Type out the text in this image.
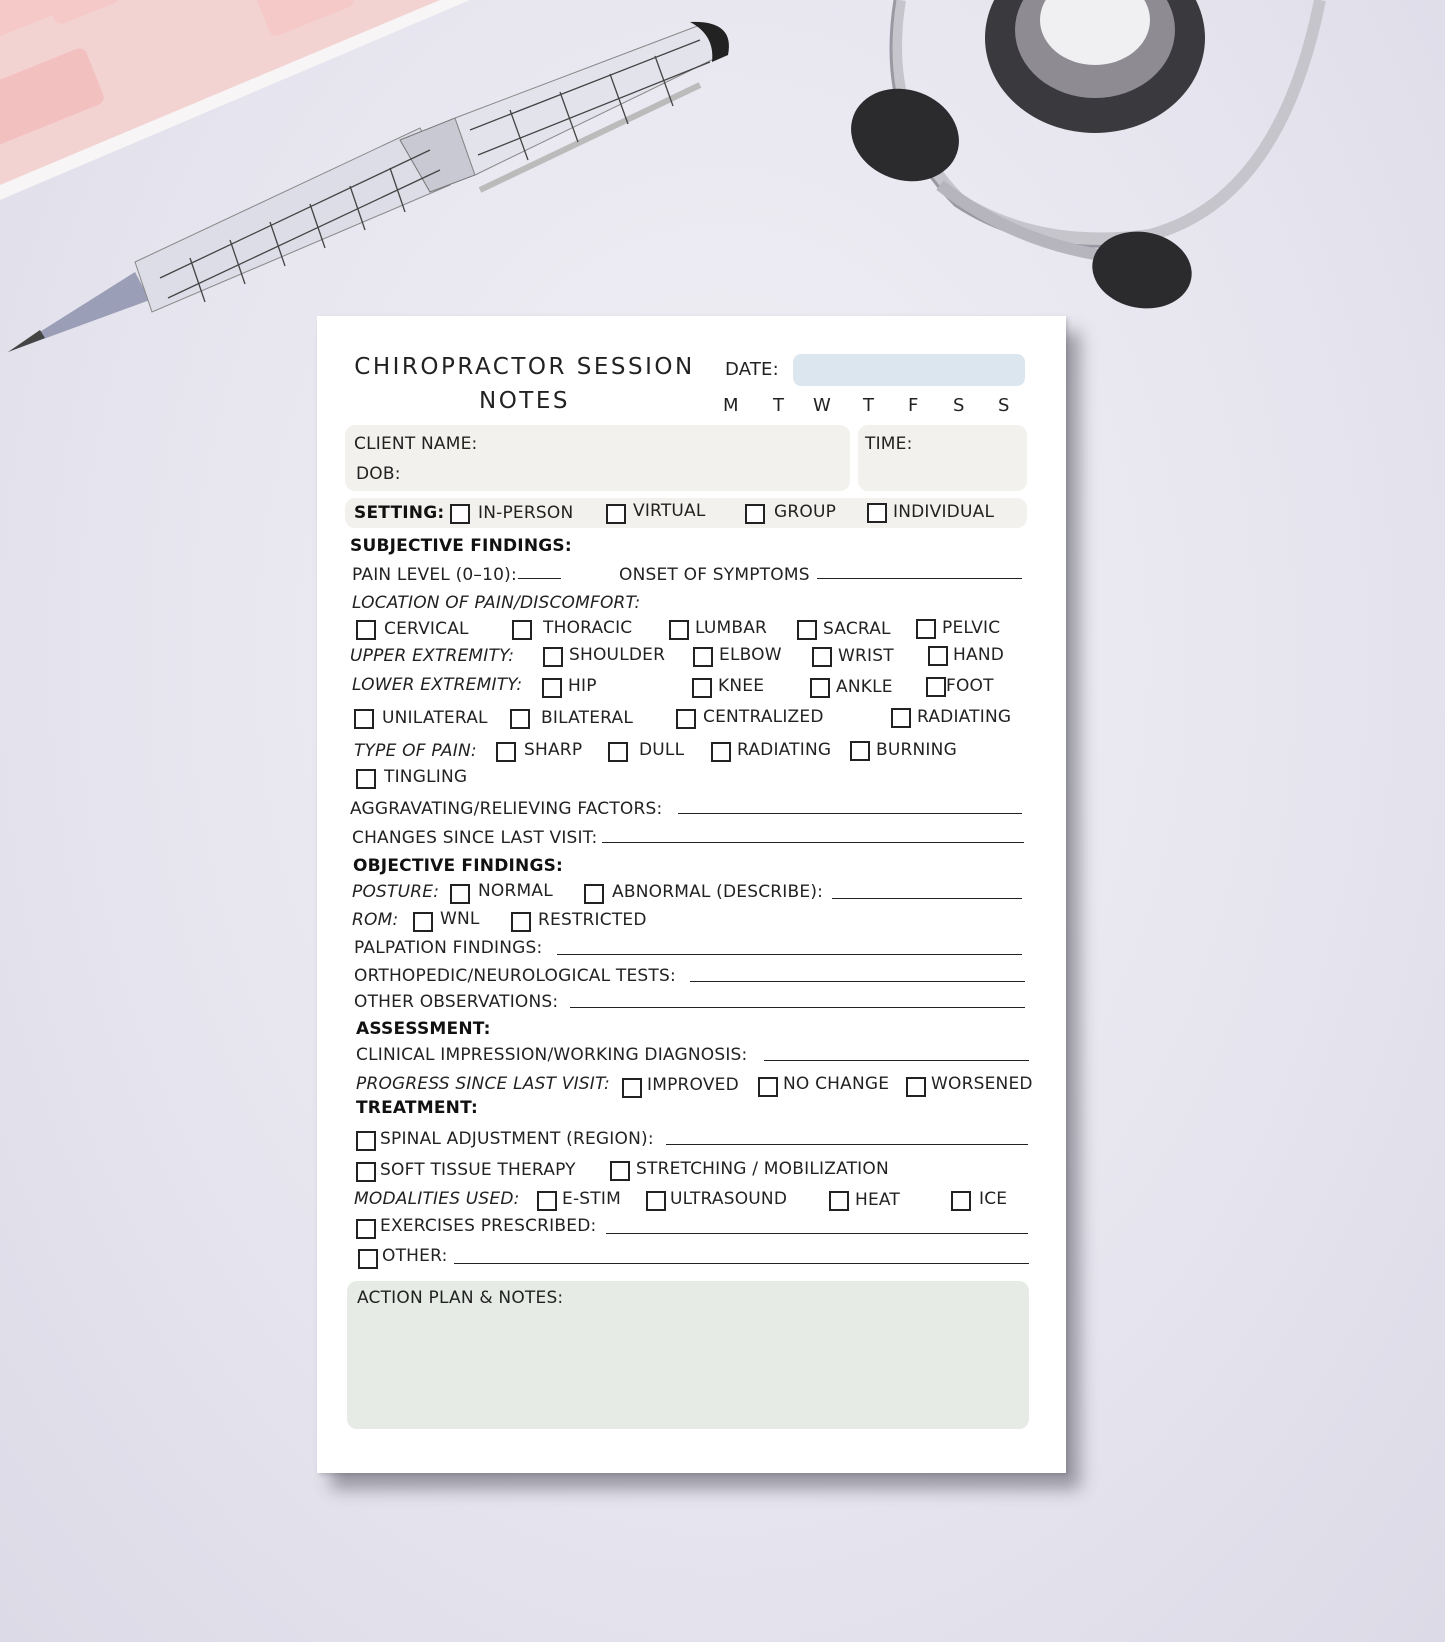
CHIROPRACTOR SESSION
NOTES
DATE:
M T W T F S S
CLIENT NAME:
DOB:
TIME:
SETTING: IN-PERSON	VIRTUAL	GROUP	INDIVIDUAL
SUBJECTIVE FINDINGS:
PAIN LEVEL (0–10):	ONSET OF SYMPTOMS
LOCATION OF PAIN/DISCOMFORT:
CERVICAL	THORACIC	LUMBAR	SACRAL	PELVIC
UPPER EXTREMITY:	SHOULDER	ELBOW	WRIST	HAND
LOWER EXTREMITY:	HIP	KNEE	ANKLE	FOOT
UNILATERAL	BILATERAL	CENTRALIZED	RADIATING
TYPE OF PAIN:	SHARP	DULL	RADIATING	BURNING
TINGLING
AGGRAVATING/RELIEVING FACTORS:
CHANGES SINCE LAST VISIT:
OBJECTIVE FINDINGS:
POSTURE: NORMAL	ABNORMAL (DESCRIBE):
ROM: WNL	RESTRICTED
PALPATION FINDINGS:
ORTHOPEDIC/NEUROLOGICAL TESTS:
OTHER OBSERVATIONS:
ASSESSMENT:
CLINICAL IMPRESSION/WORKING DIAGNOSIS:
PROGRESS SINCE LAST VISIT: IMPROVED	NO CHANGE WORSENED
TREATMENT:
SPINAL ADJUSTMENT (REGION):
SOFT TISSUE THERAPY	STRETCHING / MOBILIZATION
MODALITIES USED: E-STIM	ULTRASOUND	HEAT	ICE
EXERCISES PRESCRIBED:
OTHER:
ACTION PLAN & NOTES:
